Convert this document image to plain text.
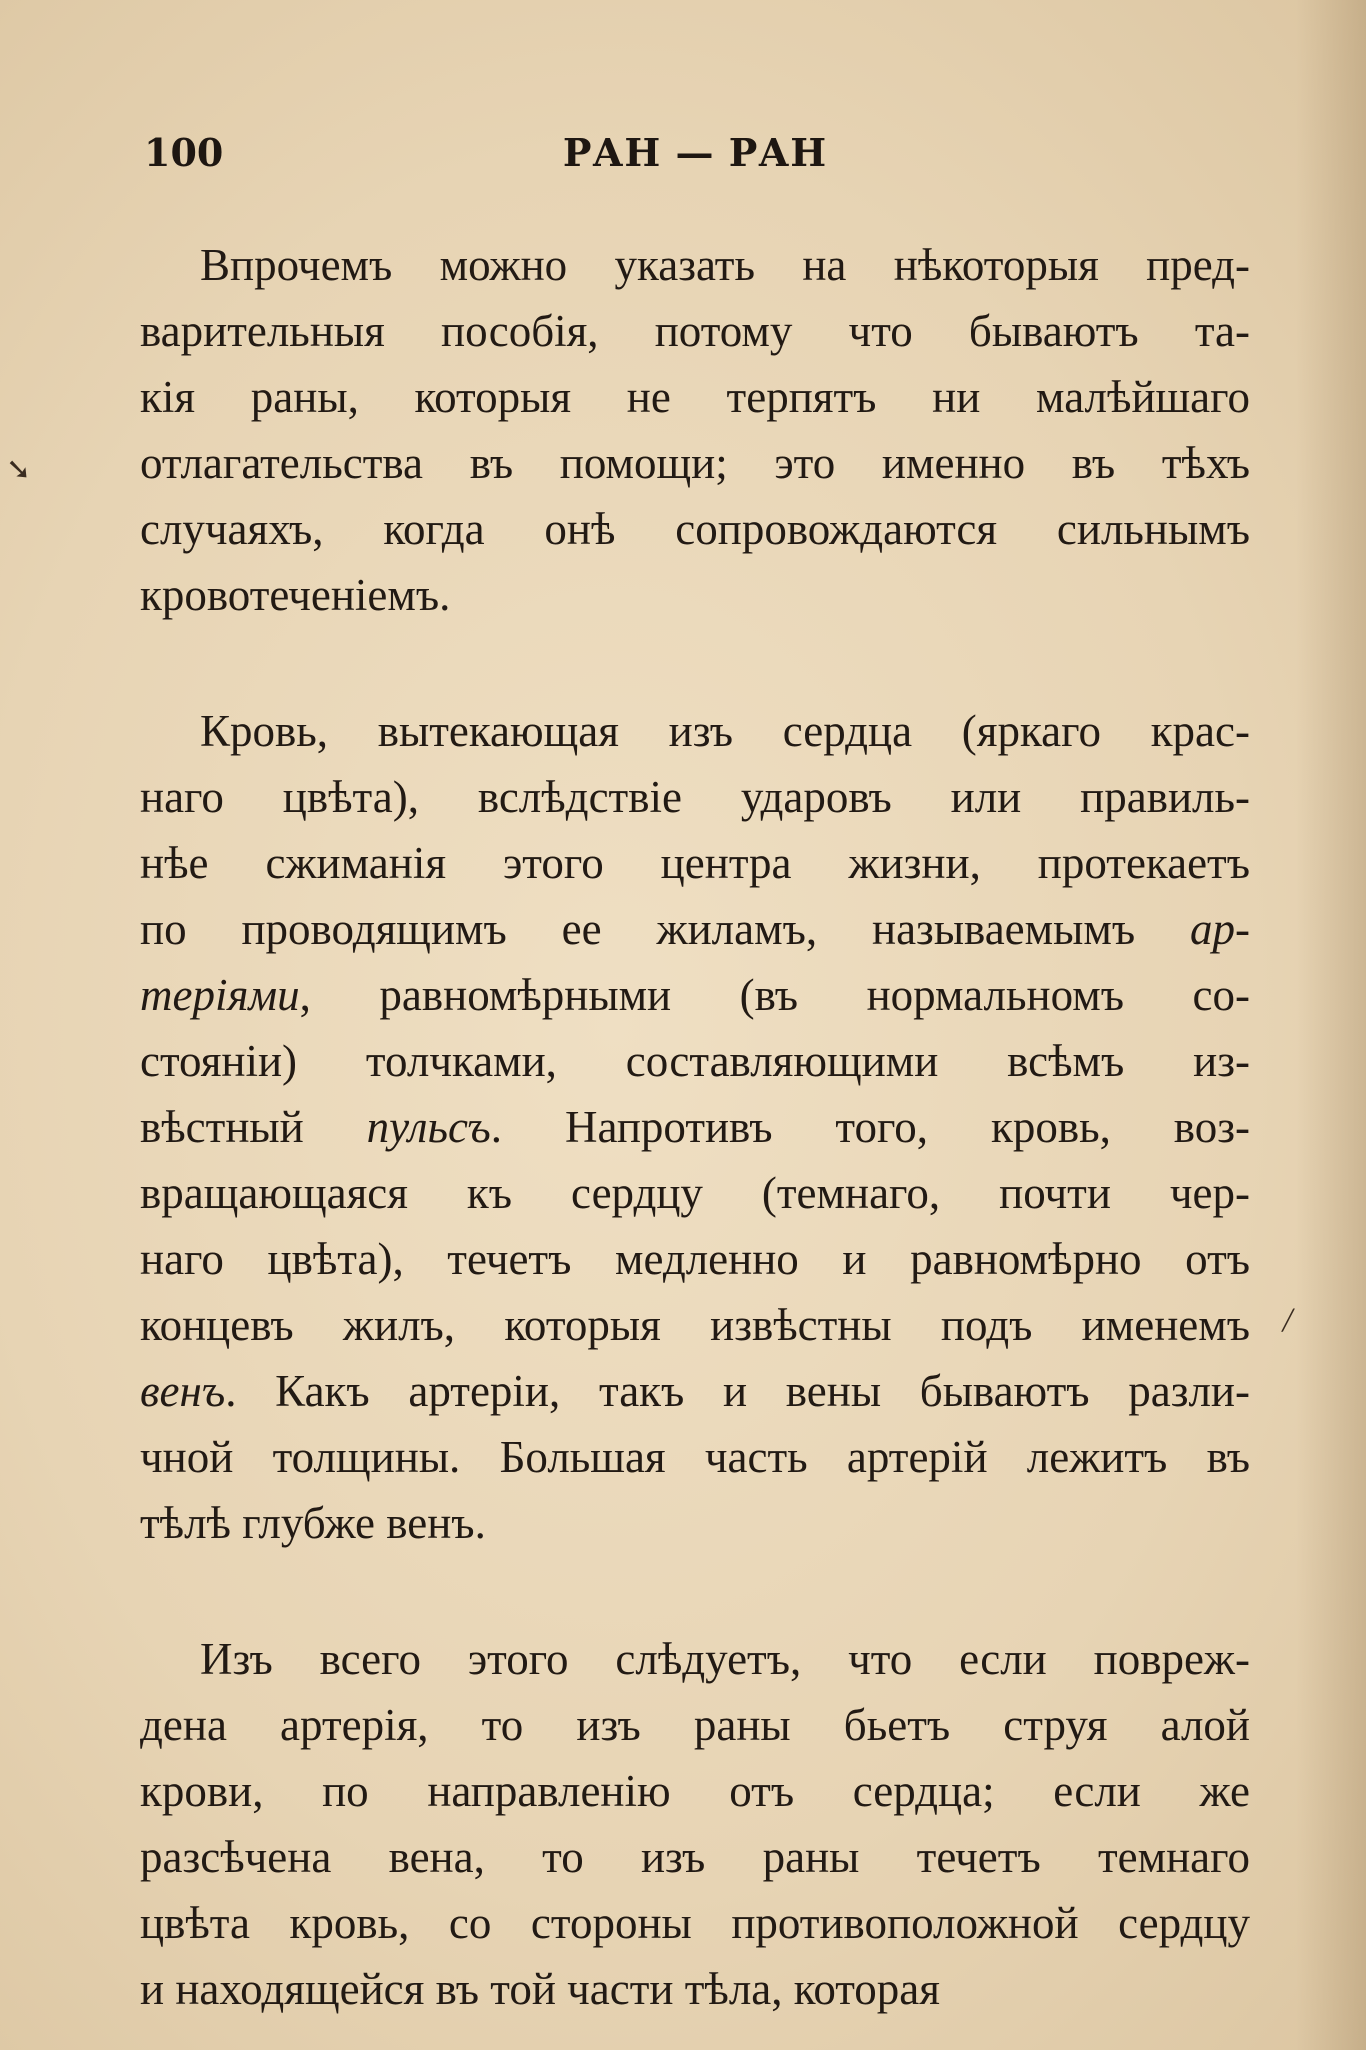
100	РАН — РАН
➘
╱
Впрочемъ можно указать на нѣкоторыя пред-
варительныя пособія, потому что бываютъ та-
кія раны, которыя не терпятъ ни малѣйшаго
отлагательства въ помощи; это именно въ тѣхъ
случаяхъ, когда онѣ сопровождаются сильнымъ
кровотеченіемъ.
Кровь, вытекающая изъ сердца (яркаго крас-
наго цвѣта), вслѣдствіе ударовъ или правиль-
нѣе сжиманія этого центра жизни, протекаетъ
по проводящимъ ее жиламъ, называемымъ ар-
теріями, равномѣрными (въ нормальномъ со-
стояніи) толчками, составляющими всѣмъ из-
вѣстный пульсъ. Напротивъ того, кровь, воз-
вращающаяся къ сердцу (темнаго, почти чер-
наго цвѣта), течетъ медленно и равномѣрно отъ
концевъ жилъ, которыя извѣстны подъ именемъ
венъ. Какъ артеріи, такъ и вены бываютъ разли-
чной толщины. Большая часть артерій лежитъ въ
тѣлѣ глубже венъ.
Изъ всего этого слѣдуетъ, что если повреж-
дена артерія, то изъ раны бьетъ струя алой
крови, по направленію отъ сердца; если же
разсѣчена вена, то изъ раны течетъ темнаго
цвѣта кровь, со стороны противоположной сердцу
и находящейся въ той части тѣла, которая
